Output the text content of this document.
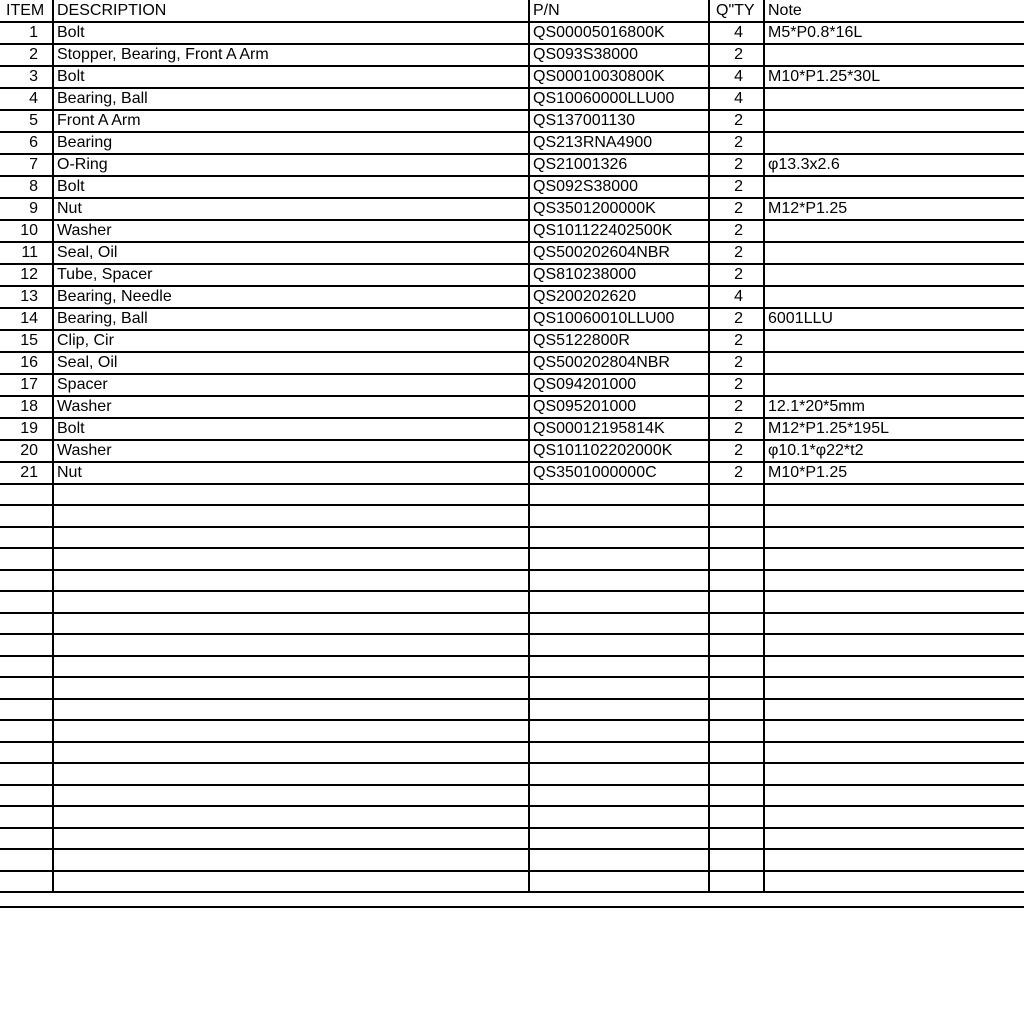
ITEM	DESCRIPTION	P/N	Q"TY	Note
1	Bolt	QS00005016800K	4	M5*P0.8*16L
2	Stopper, Bearing, Front A Arm	QS093S38000	2	
3	Bolt	QS00010030800K	4	M10*P1.25*30L
4	Bearing, Ball	QS10060000LLU00	4	
5	Front A Arm	QS137001130	2	
6	Bearing	QS213RNA4900	2	
7	O-Ring	QS21001326	2	φ13.3x2.6
8	Bolt	QS092S38000	2	
9	Nut	QS3501200000K	2	M12*P1.25
10	Washer	QS101122402500K	2	
11	Seal, Oil	QS500202604NBR	2	
12	Tube, Spacer	QS810238000	2	
13	Bearing, Needle	QS200202620	4	
14	Bearing, Ball	QS10060010LLU00	2	6001LLU
15	Clip, Cir	QS5122800R	2	
16	Seal, Oil	QS500202804NBR	2	
17	Spacer	QS094201000	2	
18	Washer	QS095201000	2	12.1*20*5mm
19	Bolt	QS00012195814K	2	M12*P1.25*195L
20	Washer	QS101102202000K	2	φ10.1*φ22*t2
21	Nut	QS3501000000C	2	M10*P1.25
